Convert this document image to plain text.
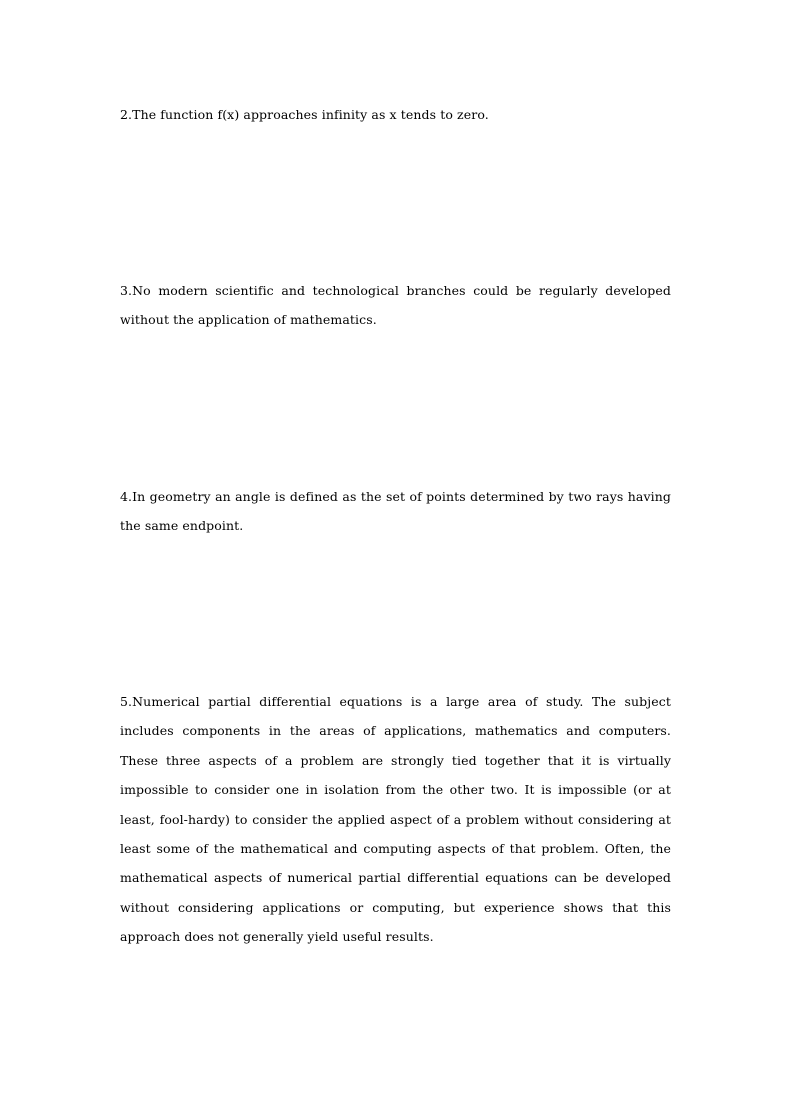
2.The function f(x) approaches infinity as x tends to zero.

3.No modern scientific and technological branches could be regularly developed without the application of mathematics.

4.In geometry an angle is defined as the set of points determined by two rays having the same endpoint.

5.Numerical partial differential equations is a large area of study. The subject includes components in the areas of applications, mathematics and computers. These three aspects of a problem are strongly tied together that it is virtually impossible to consider one in isolation from the other two. It is impossible (or at least, fool-hardy) to consider the applied aspect of a problem without considering at least some of the mathematical and computing aspects of that problem. Often, the mathematical aspects of numerical partial differential equations can be developed without considering applications or computing, but experience shows that this approach does not generally yield useful results.
